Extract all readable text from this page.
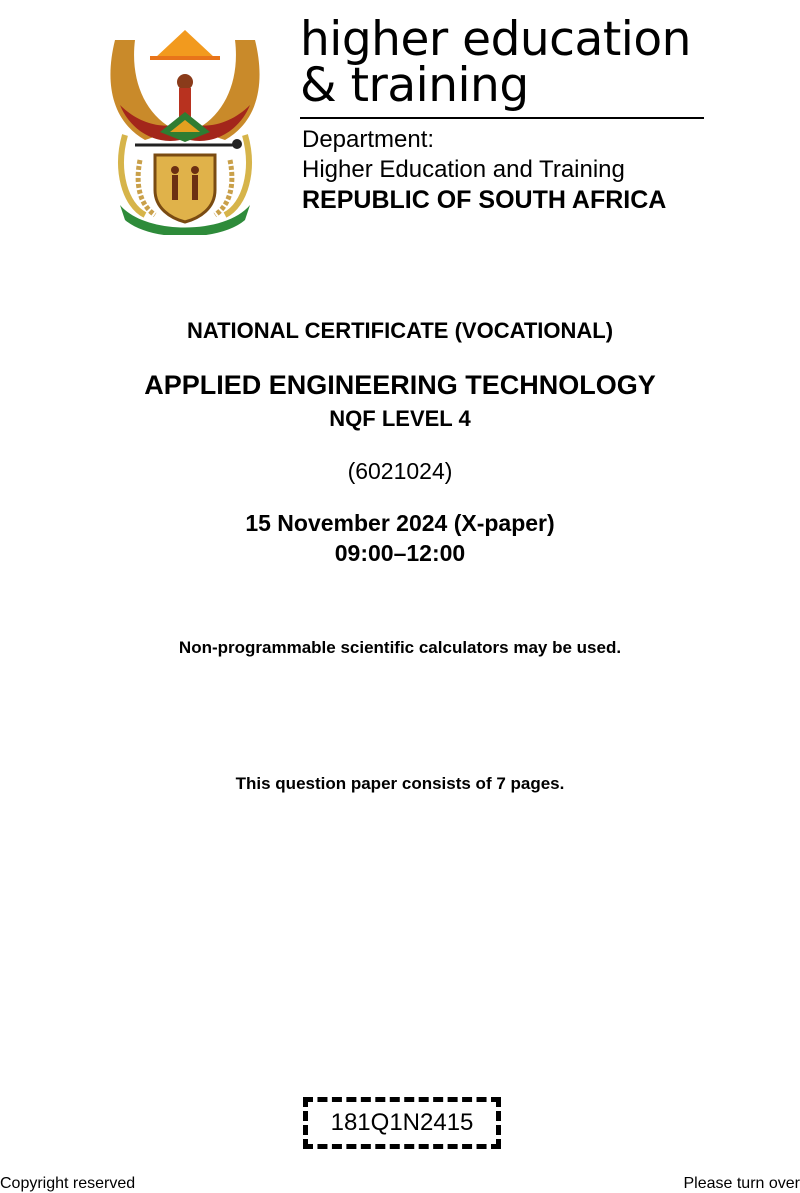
higher education
& training
Department:
Higher Education and Training
REPUBLIC OF SOUTH AFRICA
NATIONAL CERTIFICATE (VOCATIONAL)
APPLIED ENGINEERING TECHNOLOGY
NQF LEVEL 4
(6021024)
15 November 2024 (X-paper)
09:00–12:00
Non-programmable scientific calculators may be used.
This question paper consists of 7 pages.
181Q1N2415
Copyright reserved	Please turn over
